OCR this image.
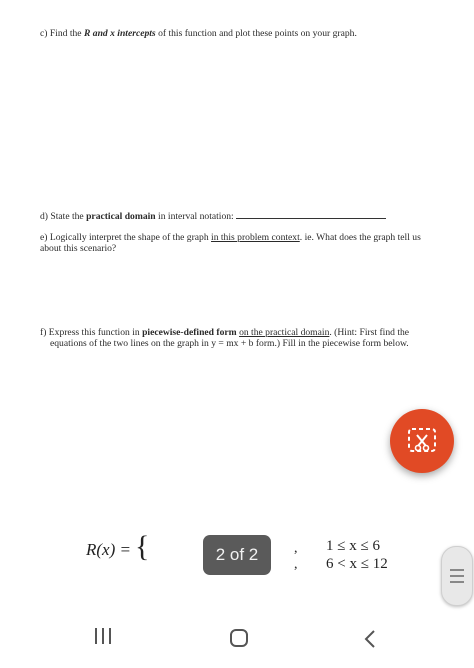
c) Find the R and x intercepts of this function and plot these points on your graph.
d) State the practical domain in interval notation:
e) Logically interpret the shape of the graph in this problem context. ie. What does the graph tell us
about this scenario?
f) Express this function in piecewise-defined form on the practical domain. (Hint: First find the
equations of the two lines on the graph in y = mx + b form.) Fill in the piecewise form below.
R(x) = {	2 of 2	,
,
1 ≤ x ≤ 6
6 < x ≤ 12
